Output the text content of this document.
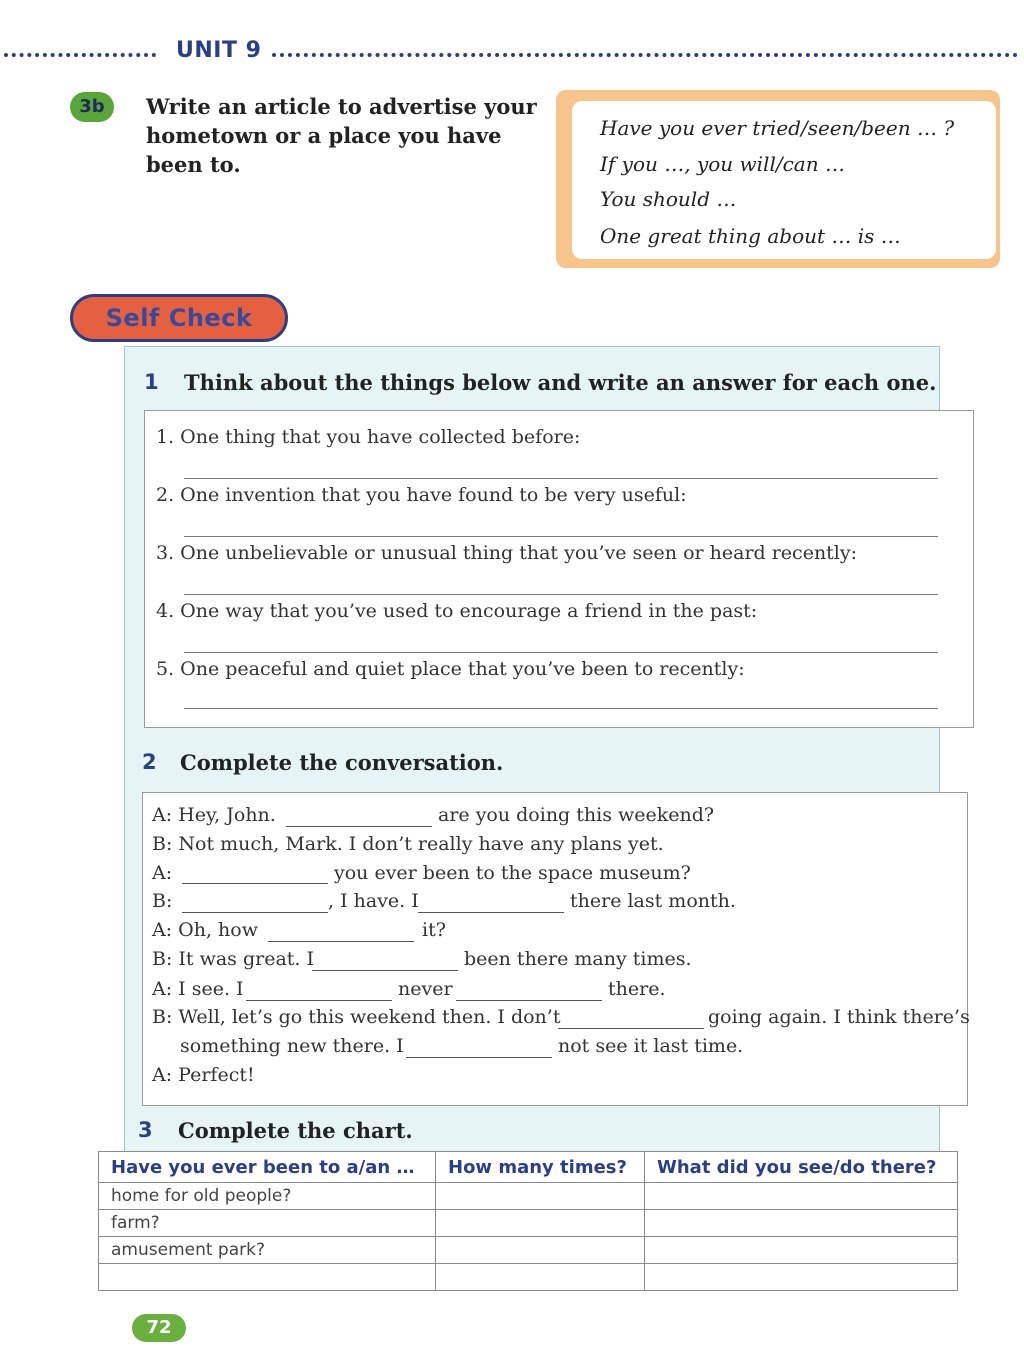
UNIT 9
3b	Write an article to advertise your
hometown or a place you have
been to.
Have you ever tried/seen/been … ?
If you …, you will/can …
You should …
One great thing about … is …
Self Check
1 Think about the things below and write an answer for each one.
1. One thing that you have collected before:
2. One invention that you have found to be very useful:
3. One unbelievable or unusual thing that you’ve seen or heard recently:
4. One way that you’ve used to encourage a friend in the past:
5. One peaceful and quiet place that you’ve been to recently:
2 Complete the conversation.
A: Hey, John.	are you doing this weekend?
B: Not much, Mark. I don’t really have any plans yet.
A:	you ever been to the space museum?
B:	, I have. I	there last month.
A: Oh, how	it?
B: It was great. I	been there many times.
A: I see. I	never	there.
B: Well, let’s go this weekend then. I don’t	going again. I think there’s
something new there. I	not see it last time.
A: Perfect!
3 Complete the chart.
Have you ever been to a/an …	How many times?	What did you see/do there?
home for old people?		
farm?		
amusement park?		

72
